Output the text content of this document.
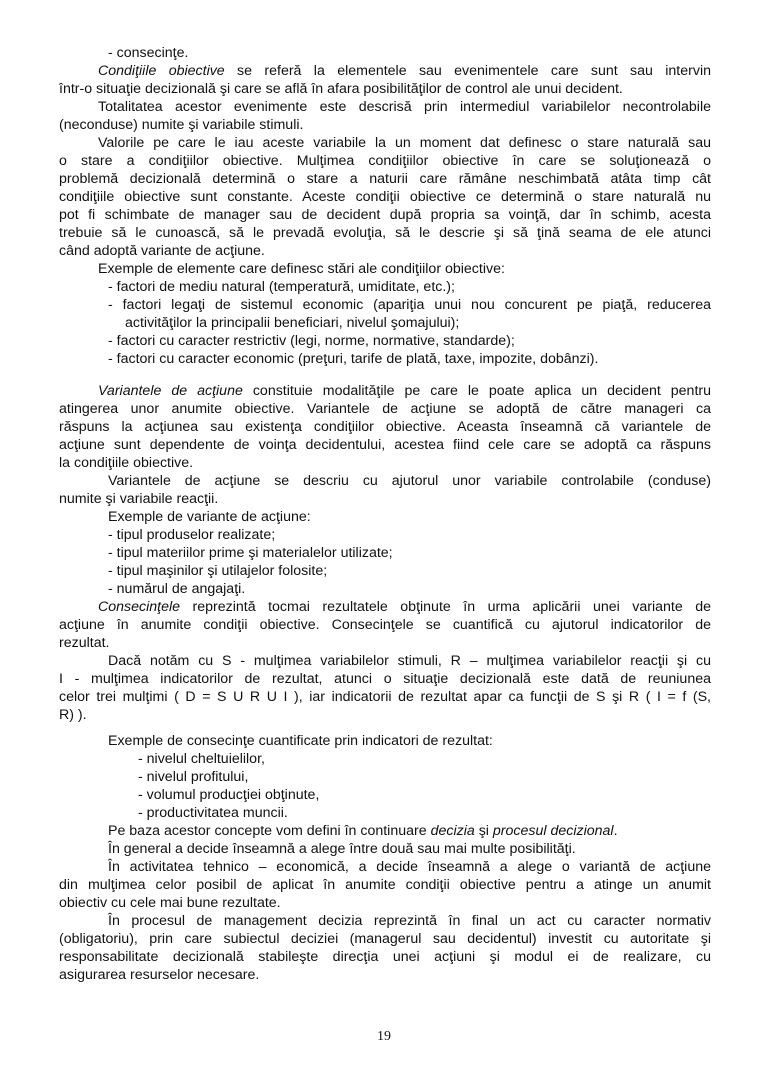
- consecinţe.
Condiţiile obiective se referă la elementele sau evenimentele care sunt sau intervin
într-o situaţie decizională şi care se află în afara posibilităţilor de control ale unui decident.
Totalitatea acestor evenimente este descrisă prin intermediul variabilelor necontrolabile
(neconduse) numite şi variabile stimuli.
Valorile pe care le iau aceste variabile la un moment dat definesc o stare naturală sau
o stare a condiţiilor obiective. Mulţimea condiţiilor obiective în care se soluţionează o
problemă decizională determină o stare a naturii care rămâne neschimbată atâta timp cât
condiţiile obiective sunt constante. Aceste condiţii obiective ce determină o stare naturală nu
pot fi schimbate de manager sau de decident după propria sa voinţă, dar în schimb, acesta
trebuie să le cunoască, să le prevadă evoluţia, să le descrie şi să ţină seama de ele atunci
când adoptă variante de acţiune.
Exemple de elemente care definesc stări ale condiţiilor obiective:
- factori de mediu natural (temperatură, umiditate, etc.);
- factori legaţi de sistemul economic (apariţia unui nou concurent pe piaţă, reducerea
activităţilor la principalii beneficiari, nivelul şomajului);
- factori cu caracter restrictiv (legi, norme, normative, standarde);
- factori cu caracter economic (preţuri, tarife de plată, taxe, impozite, dobânzi).
Variantele de acţiune constituie modalităţile pe care le poate aplica un decident pentru
atingerea unor anumite obiective. Variantele de acţiune se adoptă de către manageri ca
răspuns la acţiunea sau existenţa condiţiilor obiective. Aceasta înseamnă că variantele de
acţiune sunt dependente de voinţa decidentului, acestea fiind cele care se adoptă ca răspuns
la condiţiile obiective.
Variantele de acţiune se descriu cu ajutorul unor variabile controlabile (conduse)
numite şi variabile reacţii.
Exemple de variante de acţiune:
- tipul produselor realizate;
- tipul materiilor prime şi materialelor utilizate;
- tipul maşinilor şi utilajelor folosite;
- numărul de angajaţi.
Consecinţele reprezintă tocmai rezultatele obţinute în urma aplicării unei variante de
acţiune în anumite condiţii obiective. Consecinţele se cuantifică cu ajutorul indicatorilor de
rezultat.
Dacă notăm cu S - mulţimea variabilelor stimuli, R – mulţimea variabilelor reacţii şi cu
I - mulţimea indicatorilor de rezultat, atunci o situaţie decizională este dată de reuniunea
celor trei mulţimi ( D = S U R U I ), iar indicatorii de rezultat apar ca funcţii de S şi R ( I = f (S,
R) ).
Exemple de consecinţe cuantificate prin indicatori de rezultat:
- nivelul cheltuielilor,
- nivelul profitului,
- volumul producţiei obţinute,
- productivitatea muncii.
Pe baza acestor concepte vom defini în continuare decizia şi procesul decizional.
În general a decide înseamnă a alege între două sau mai multe posibilităţi.
În activitatea tehnico – economică, a decide înseamnă a alege o variantă de acţiune
din mulţimea celor posibil de aplicat în anumite condiţii obiective pentru a atinge un anumit
obiectiv cu cele mai bune rezultate.
În procesul de management decizia reprezintă în final un act cu caracter normativ
(obligatoriu), prin care subiectul deciziei (managerul sau decidentul) investit cu autoritate şi
responsabilitate decizională stabileşte direcţia unei acţiuni şi modul ei de realizare, cu
asigurarea resurselor necesare.
19
